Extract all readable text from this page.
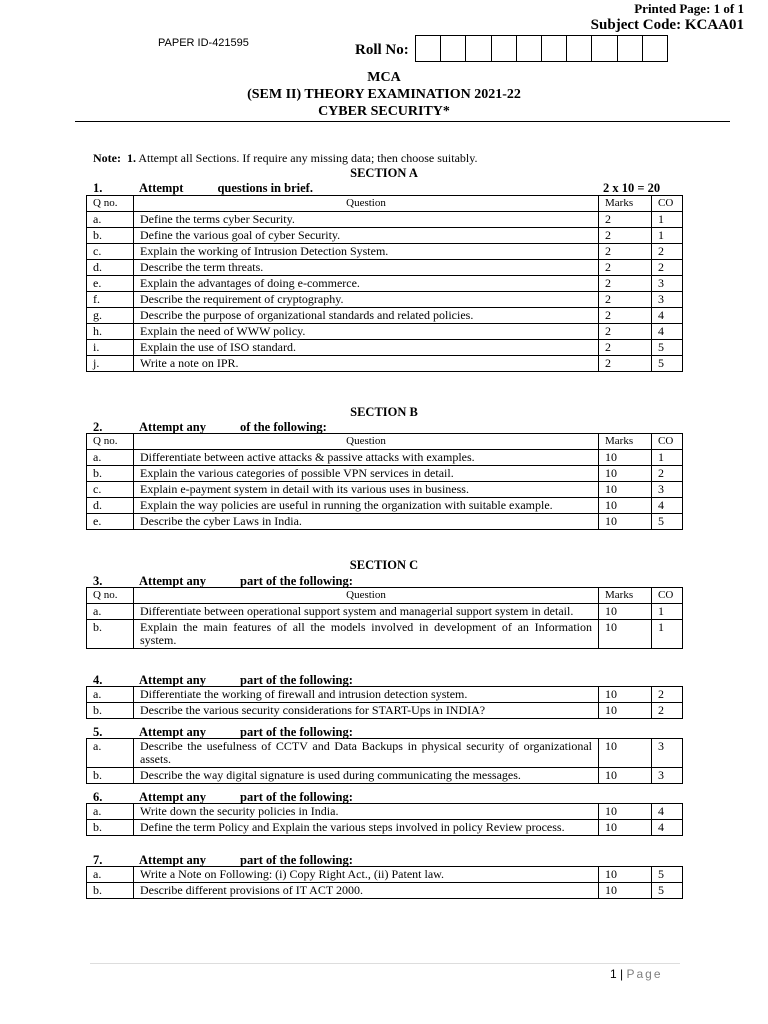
PAPER ID-421595
Printed Page: 1 of 1
Subject Code: KCAA01
Roll No:
MCA
(SEM II) THEORY EXAMINATION 2021-22
CYBER SECURITY*
Note: 1. Attempt all Sections. If require any missing data; then choose suitably.
SECTION A
1.	Attempt	questions in brief.	2 x 10 = 20
Q no.	Question	Marks	CO
a.	Define the terms cyber Security.	2	1
b.	Define the various goal of cyber Security.	2	1
c.	Explain the working of Intrusion Detection System.	2	2
d.	Describe the term threats.	2	2
e.	Explain the advantages of doing e-commerce.	2	3
f.	Describe the requirement of cryptography.	2	3
g.	Describe the purpose of organizational standards and related policies.	2	4
h.	Explain the need of WWW policy.	2	4
i.	Explain the use of ISO standard.	2	5
j.	Write a note on IPR.	2	5
SECTION B
2.	Attempt any	of the following:
Q no.	Question	Marks	CO
a.	Differentiate between active attacks & passive attacks with examples.	10	1
b.	Explain the various categories of possible VPN services in detail.	10	2
c.	Explain e-payment system in detail with its various uses in business.	10	3
d.	Explain the way policies are useful in running the organization with suitable example.	10	4
e.	Describe the cyber Laws in India.	10	5
SECTION C
3.	Attempt any	part of the following:
Q no.	Question	Marks	CO
a.	Differentiate between operational support system and managerial support system in detail.	10	1
b.	Explain the main features of all the models involved in development of an Information system.	10	1
4.	Attempt any	part of the following:
a.	Differentiate the working of firewall and intrusion detection system.	10	2
b.	Describe the various security considerations for START-Ups in INDIA?	10	2
5.	Attempt any	part of the following:
a.	Describe the usefulness of CCTV and Data Backups in physical security of organizational assets.	10	3
b.	Describe the way digital signature is used during communicating the messages.	10	3
6.	Attempt any	part of the following:
a.	Write down the security policies in India.	10	4
b.	Define the term Policy and Explain the various steps involved in policy Review process.	10	4
7.	Attempt any	part of the following:
a.	Write a Note on Following: (i) Copy Right Act., (ii) Patent law.	10	5
b.	Describe different provisions of IT ACT 2000.	10	5
1 | Page
